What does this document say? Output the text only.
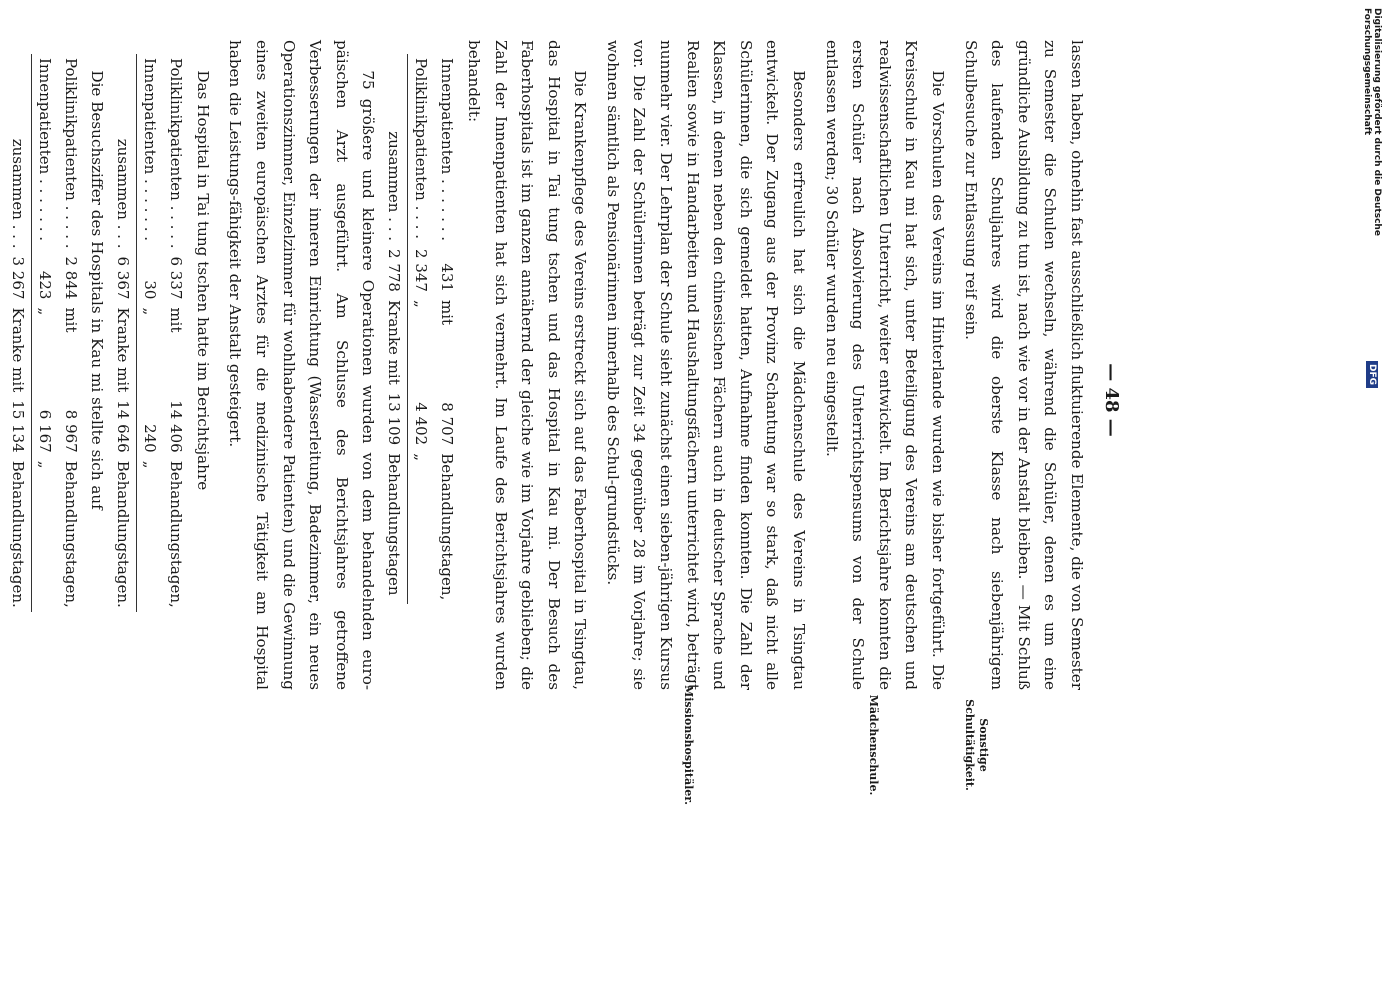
— 48 —
Sonstige Schultätigkeit.
Mädchenschule.
Missionshospitäler.

lassen haben, ohnehin fast ausschließlich fluktuierende Elemente, die von Semester zu Semester die Schulen wechseln, während die Schüler, denen es um eine gründliche Ausbildung zu tun ist, nach wie vor in der Anstalt bleiben. — Mit Schluß des laufenden Schuljahres wird die oberste Klasse nach siebenjährigem Schulbesuche zur Entlassung reif sein.

Die Vorschulen des Vereins im Hinterlande wurden wie bisher fortgeführt. Die Kreisschule in Kau mi hat sich, unter Beteiligung des Vereins am deutschen und realwissenschaftlichen Unterricht, weiter entwickelt. Im Berichtsjahre konnten die ersten Schüler nach Absolvierung des Unterrichtspensums von der Schule entlassen werden; 30 Schüler wurden neu eingestellt.

Besonders erfreulich hat sich die Mädchenschule des Vereins in Tsingtau entwickelt. Der Zugang aus der Provinz Schantung war so stark, daß nicht alle Schülerinnen, die sich gemeldet hatten, Aufnahme finden konnten. Die Zahl der Klassen, in denen neben den chinesischen Fächern auch in deutscher Sprache und Realien sowie in Handarbeiten und Haushaltungsfächern unterrichtet wird, beträgt nunmehr vier. Der Lehrplan der Schule sieht zunächst einen sieben-jährigen Kursus vor. Die Zahl der Schülerinnen beträgt zur Zeit 34 gegenüber 28 im Vorjahre; sie wohnen sämtlich als Pensionärinnen innerhalb des Schul-grundstücks.

Die Krankenpflege des Vereins erstreckt sich auf das Faberhospital in Tsingtau, das Hospital in Tai tung tschen und das Hospital in Kau mi. Der Besuch des Faberhospitals ist im ganzen annähernd der gleiche wie im Vorjahre geblieben; die Zahl der Innenpatienten hat sich vermehrt. Im Laufe des Berichtsjahres wurden behandelt:

Innenpatienten . . . . . . .	431	mit	8 707	Behandlungstagen,
Poliklinikpatienten . . . .	2 347	„	4 402	„
zusammen . . .	2 778	Kranke mit	13 109	Behandlungstagen

75 größere und kleinere Operationen wurden von dem behandelnden euro-päischen Arzt ausgeführt. Am Schlusse des Berichtsjahres getroffene Verbesserungen der inneren Einrichtung (Wasserleitung, Badezimmer, ein neues Operationszimmer, Einzelzimmer für wohlhabendere Patienten) und die Gewinnung eines zweiten europäischen Arztes für die medizinische Tätigkeit am Hospital haben die Leistungs-fähigkeit der Anstalt gesteigert.

Das Hospital in Tai tung tschen hatte im Berichtsjahre

Poliklinikpatienten . . . . .	6 337	mit	14 406	Behandlungstagen,
Innenpatienten . . . . . . .	30	„	240	„
zusammen . . .	6 367	Kranke mit	14 646	Behandlungstagen.

Die Besuchsziffer des Hospitals in Kau mi stellte sich auf

Poliklinikpatienten . . . . .	2 844	mit	8 967	Behandlungstagen,
Innenpatienten . . . . . . .	423	„	6 167	„
zusammen . . .	3 267	Kranke mit	15 134	Behandlungstagen.

Digitalisierung gefördert durch die Deutsche Forschungsgemeinschaft
DFG
